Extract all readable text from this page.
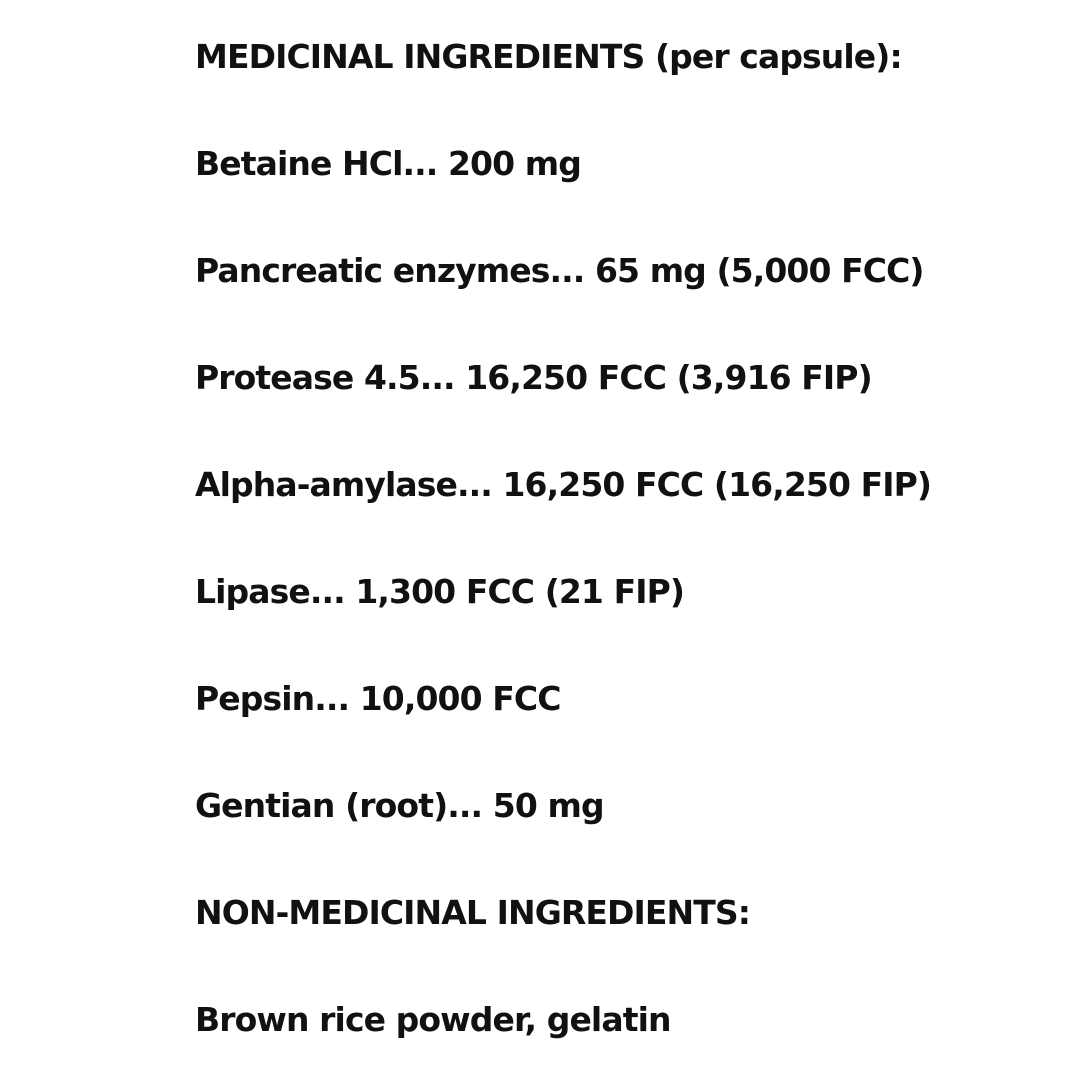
MEDICINAL INGREDIENTS (per capsule):

Betaine HCl... 200 mg

Pancreatic enzymes... 65 mg (5,000 FCC)

Protease 4.5... 16,250 FCC (3,916 FIP)

Alpha-amylase... 16,250 FCC (16,250 FIP)

Lipase... 1,300 FCC (21 FIP)

Pepsin... 10,000 FCC

Gentian (root)... 50 mg

NON-MEDICINAL INGREDIENTS:

Brown rice powder, gelatin
